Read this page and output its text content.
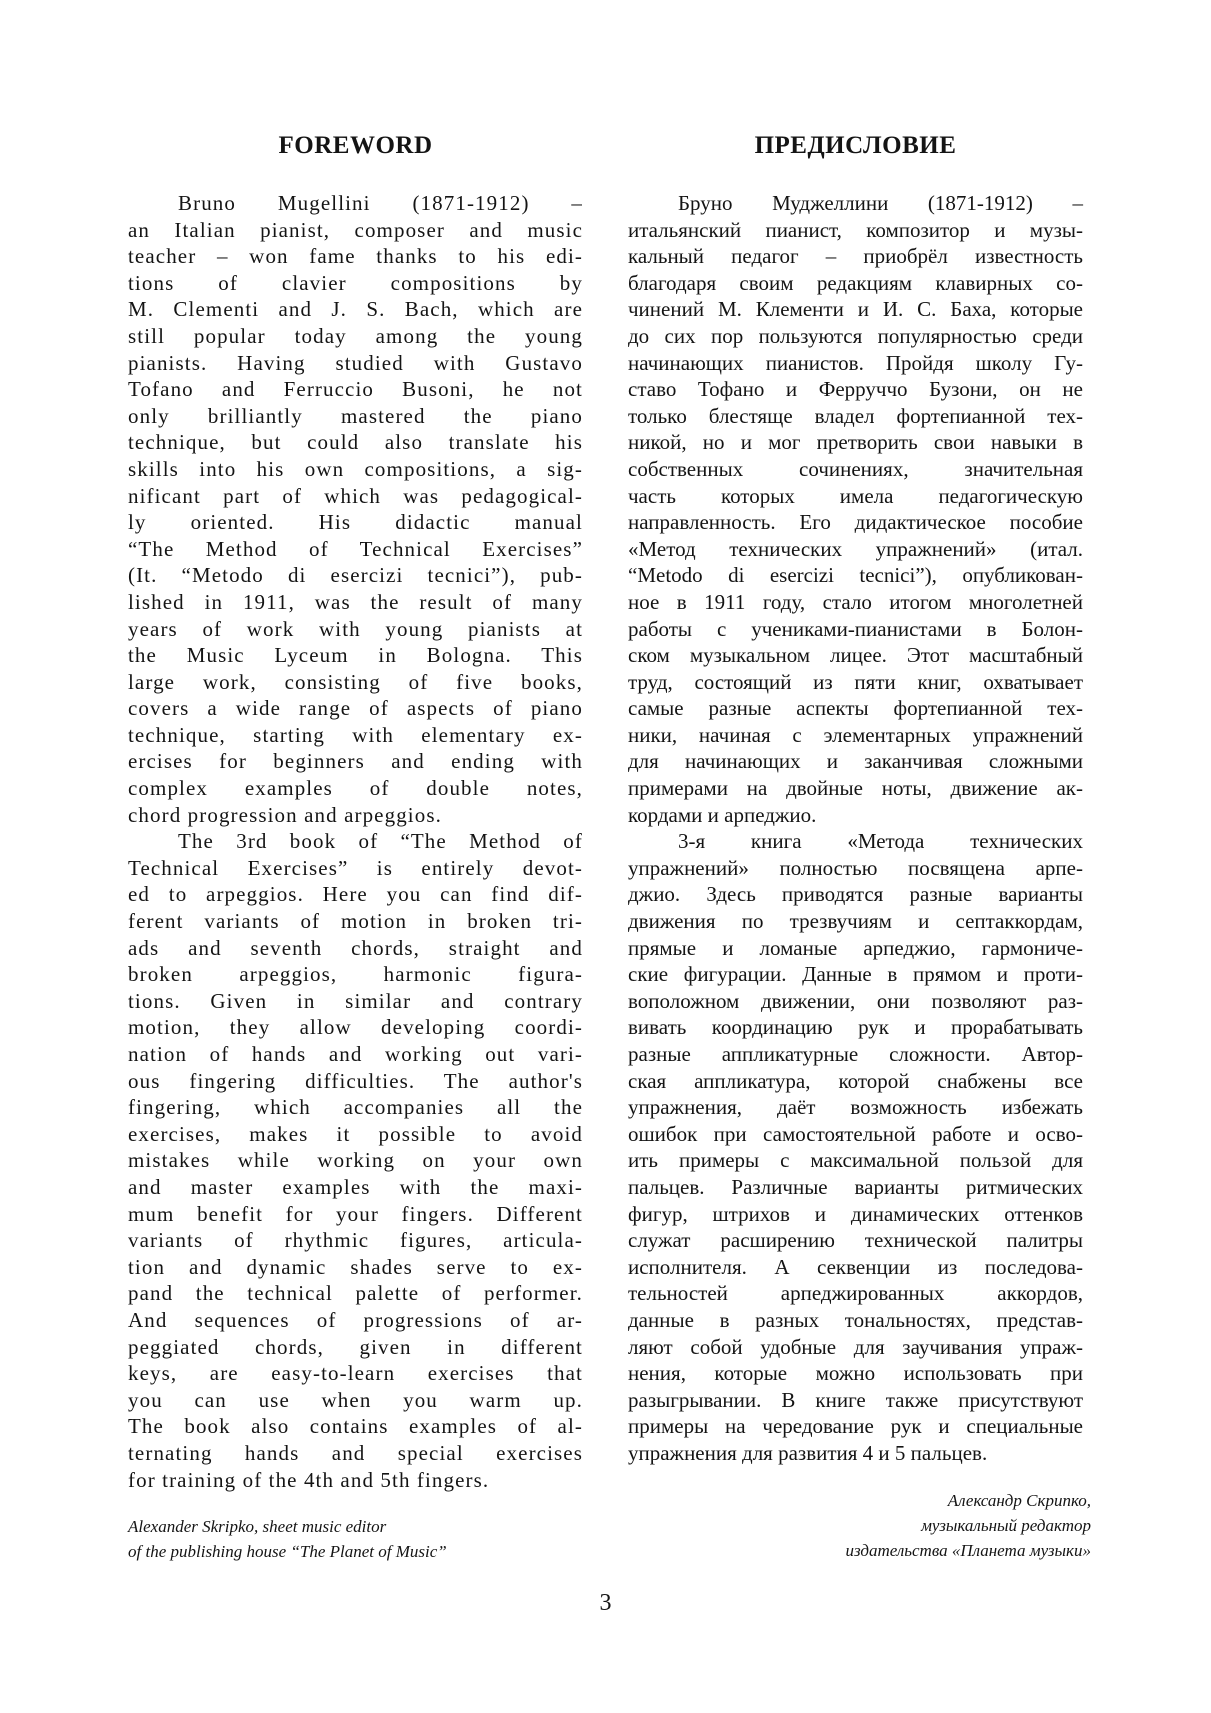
FOREWORD
Bruno Mugellini (1871-1912) –
an Italian pianist, composer and music
teacher – won fame thanks to his edi-
tions of clavier compositions by
M. Clementi and J. S. Bach, which are
still popular today among the young
pianists. Having studied with Gustavo
Tofano and Ferruccio Busoni, he not
only brilliantly mastered the piano
technique, but could also translate his
skills into his own compositions, a sig-
nificant part of which was pedagogical-
ly oriented. His didactic manual
“The Method of Technical Exercises”
(It. “Metodo di esercizi tecnici”), pub-
lished in 1911, was the result of many
years of work with young pianists at
the Music Lyceum in Bologna. This
large work, consisting of five books,
covers a wide range of aspects of piano
technique, starting with elementary ex-
ercises for beginners and ending with
complex examples of double notes,
chord progression and arpeggios.
The 3rd book of “The Method of
Technical Exercises” is entirely devot-
ed to arpeggios. Here you can find dif-
ferent variants of motion in broken tri-
ads and seventh chords, straight and
broken arpeggios, harmonic figura-
tions. Given in similar and contrary
motion, they allow developing coordi-
nation of hands and working out vari-
ous fingering difficulties. The author's
fingering, which accompanies all the
exercises, makes it possible to avoid
mistakes while working on your own
and master examples with the maxi-
mum benefit for your fingers. Different
variants of rhythmic figures, articula-
tion and dynamic shades serve to ex-
pand the technical palette of performer.
And sequences of progressions of ar-
peggiated chords, given in different
keys, are easy-to-learn exercises that
you can use when you warm up.
The book also contains examples of al-
ternating hands and special exercises
for training of the 4th and 5th fingers.
ПРЕДИСЛОВИЕ
Бруно Муджеллини (1871-1912) –
итальянский пианист, композитор и музы-
кальный педагог – приобрёл известность
благодаря своим редакциям клавирных со-
чинений М. Клементи и И. С. Баха, которые
до сих пор пользуются популярностью среди
начинающих пианистов. Пройдя школу Гу-
ставо Тофано и Ферруччо Бузони, он не
только блестяще владел фортепианной тех-
никой, но и мог претворить свои навыки в
собственных сочинениях, значительная
часть которых имела педагогическую
направленность. Его дидактическое пособие
«Метод технических упражнений» (итал.
“Metodo di esercizi tecnici”), опубликован-
ное в 1911 году, стало итогом многолетней
работы с учениками-пианистами в Болон-
ском музыкальном лицее. Этот масштабный
труд, состоящий из пяти книг, охватывает
самые разные аспекты фортепианной тех-
ники, начиная с элементарных упражнений
для начинающих и заканчивая сложными
примерами на двойные ноты, движение ак-
кордами и арпеджио.
3-я книга «Метода технических
упражнений» полностью посвящена арпе-
джио. Здесь приводятся разные варианты
движения по трезвучиям и септаккордам,
прямые и ломаные арпеджио, гармониче-
ские фигурации. Данные в прямом и проти-
воположном движении, они позволяют раз-
вивать координацию рук и прорабатывать
разные аппликатурные сложности. Автор-
ская аппликатура, которой снабжены все
упражнения, даёт возможность избежать
ошибок при самостоятельной работе и осво-
ить примеры с максимальной пользой для
пальцев. Различные варианты ритмических
фигур, штрихов и динамических оттенков
служат расширению технической палитры
исполнителя. А секвенции из последова-
тельностей арпеджированных аккордов,
данные в разных тональностях, представ-
ляют собой удобные для заучивания упраж-
нения, которые можно использовать при
разыгрывании. В книге также присутствуют
примеры на чередование рук и специальные
упражнения для развития 4 и 5 пальцев.
Alexander Skripko, sheet music editor
of the publishing house “The Planet of Music”
Александр Скрипко,
музыкальный редактор
издательства «Планета музыки»
3
